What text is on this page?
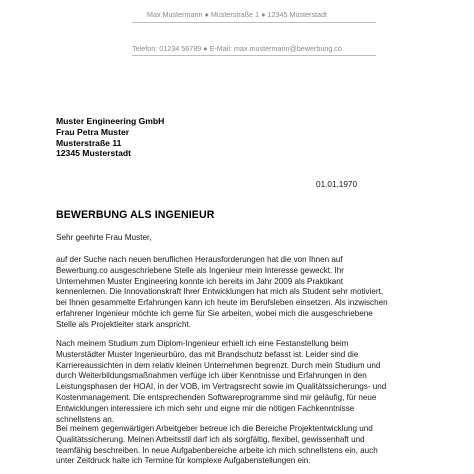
Max Mustermann ● Musterstraße 1 ● 12345 Musterstadt
Telefon: 01234 56789 ● E-Mail: max.mustermann@bewerbung.co
Muster Engineering GmbH
Frau Petra Muster
Musterstraße 11
12345 Musterstadt
01.01.1970
BEWERBUNG ALS INGENIEUR
Sehr geehrte Frau Muster,
auf der Suche nach neuen beruflichen Herausforderungen hat die von Ihnen auf
Bewerbung.co ausgeschriebene Stelle als Ingenieur mein Interesse geweckt. Ihr
Unternehmen Muster Engineering konnte ich bereits im Jahr 2009 als Praktikant
kennenlernen. Die Innovationskraft Ihrer Entwicklungen hat mich als Student sehr motiviert,
bei Ihnen gesammelte Erfahrungen kann ich heute im Berufsleben einsetzen. Als inzwischen
erfahrener Ingenieur möchte ich gerne für Sie arbeiten, wobei mich die ausgeschriebene
Stelle als Projektleiter stark anspricht.
Nach meinem Studium zum Diplom-Ingenieur erhielt ich eine Festanstellung beim
Musterstädter Muster Ingenieurbüro, das mit Brandschutz befasst ist. Leider sind die
Karriereaussichten in dem relativ kleinen Unternehmen begrenzt. Durch mein Studium und
durch Weiterbildungsmaßnahmen verfüge ich über Kenntnisse und Erfahrungen in den
Leistungsphasen der HOAI, in der VOB, im Vertragsrecht sowie im Qualitätssicherungs- und
Kostenmanagement. Die entsprechenden Softwareprogramme sind mir geläufig, für neue
Entwicklungen interessiere ich mich sehr und eigne mir die nötigen Fachkenntnisse
schnellstens an.
Bei meinem gegenwärtigen Arbeitgeber betreue ich die Bereiche Projektentwicklung und
Qualitätssicherung. Meinen Arbeitsstil darf ich als sorgfältig, flexibel, gewissenhaft und
teamfähig beschreiben. In neue Aufgabenbereiche arbeite ich mich schnellstens ein, auch
unter Zeitdruck halte ich Termine für komplexe Aufgabenstellungen ein.
